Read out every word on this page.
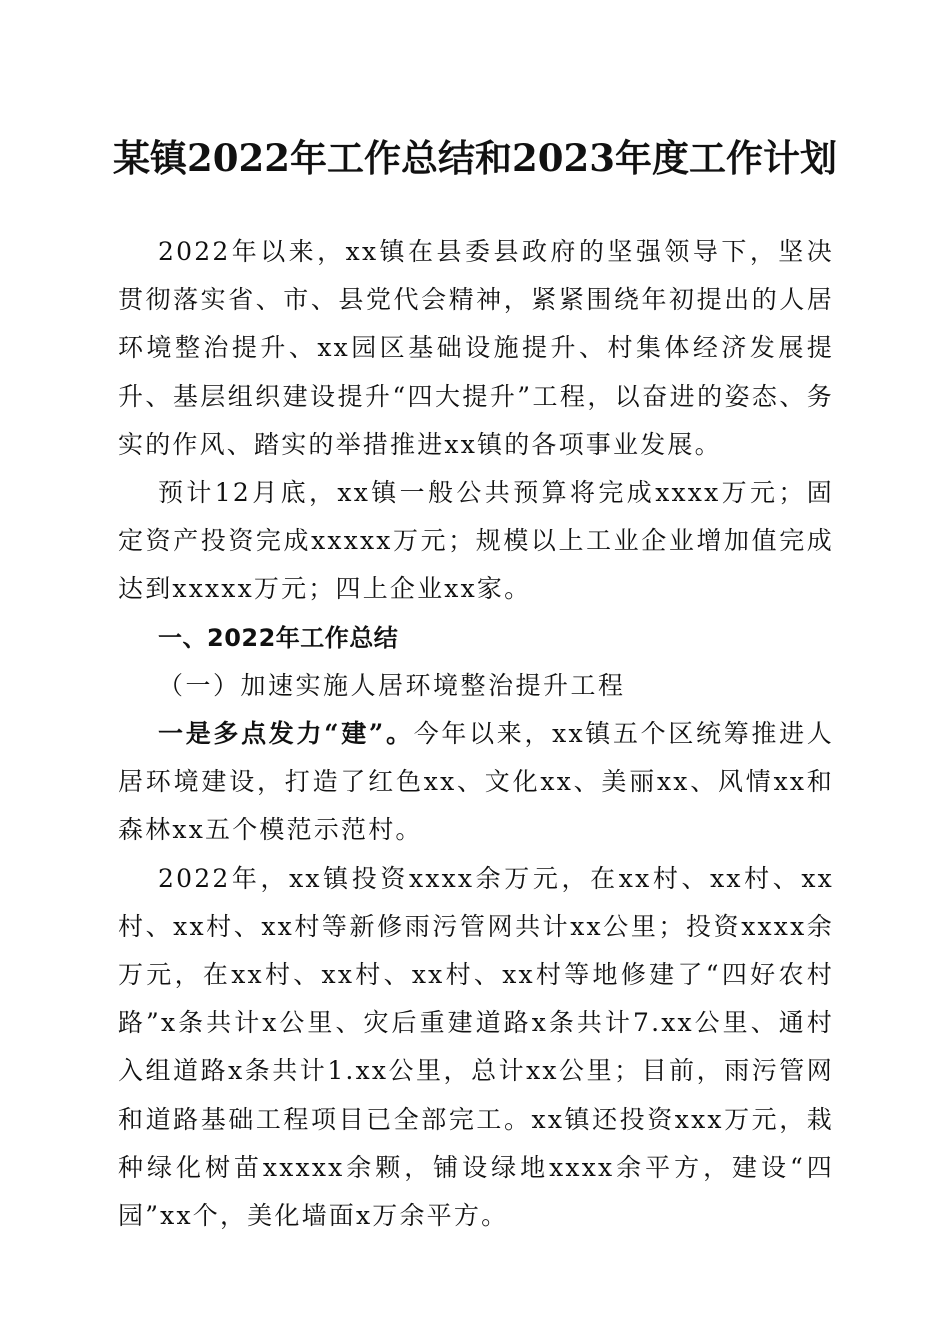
某镇2022年工作总结和2023年度工作计划

2022年以来，xx镇在县委县政府的坚强领导下，坚决贯彻落实省、市、县党代会精神，紧紧围绕年初提出的人居环境整治提升、xx园区基础设施提升、村集体经济发展提升、基层组织建设提升“四大提升”工程，以奋进的姿态、务实的作风、踏实的举措推进xx镇的各项事业发展。

预计12月底，xx镇一般公共预算将完成xxxx万元；固定资产投资完成xxxxx万元；规模以上工业企业增加值完成达到xxxxx万元；四上企业xx家。

一、2022年工作总结

（一）加速实施人居环境整治提升工程

一是多点发力“建”。今年以来，xx镇五个区统筹推进人居环境建设，打造了红色xx、文化xx、美丽xx、风情xx和森林xx五个模范示范村。

2022年，xx镇投资xxxx余万元，在xx村、xx村、xx村、xx村、xx村等新修雨污管网共计xx公里；投资xxxx余万元，在xx村、xx村、xx村、xx村等地修建了“四好农村路”x条共计x公里、灾后重建道路x条共计7.xx公里、通村入组道路x条共计1.xx公里，总计xx公里；目前，雨污管网和道路基础工程项目已全部完工。xx镇还投资xxx万元，栽种绿化树苗xxxxx余颗，铺设绿地xxxx余平方，建设“四园”xx个，美化墙面x万余平方。
